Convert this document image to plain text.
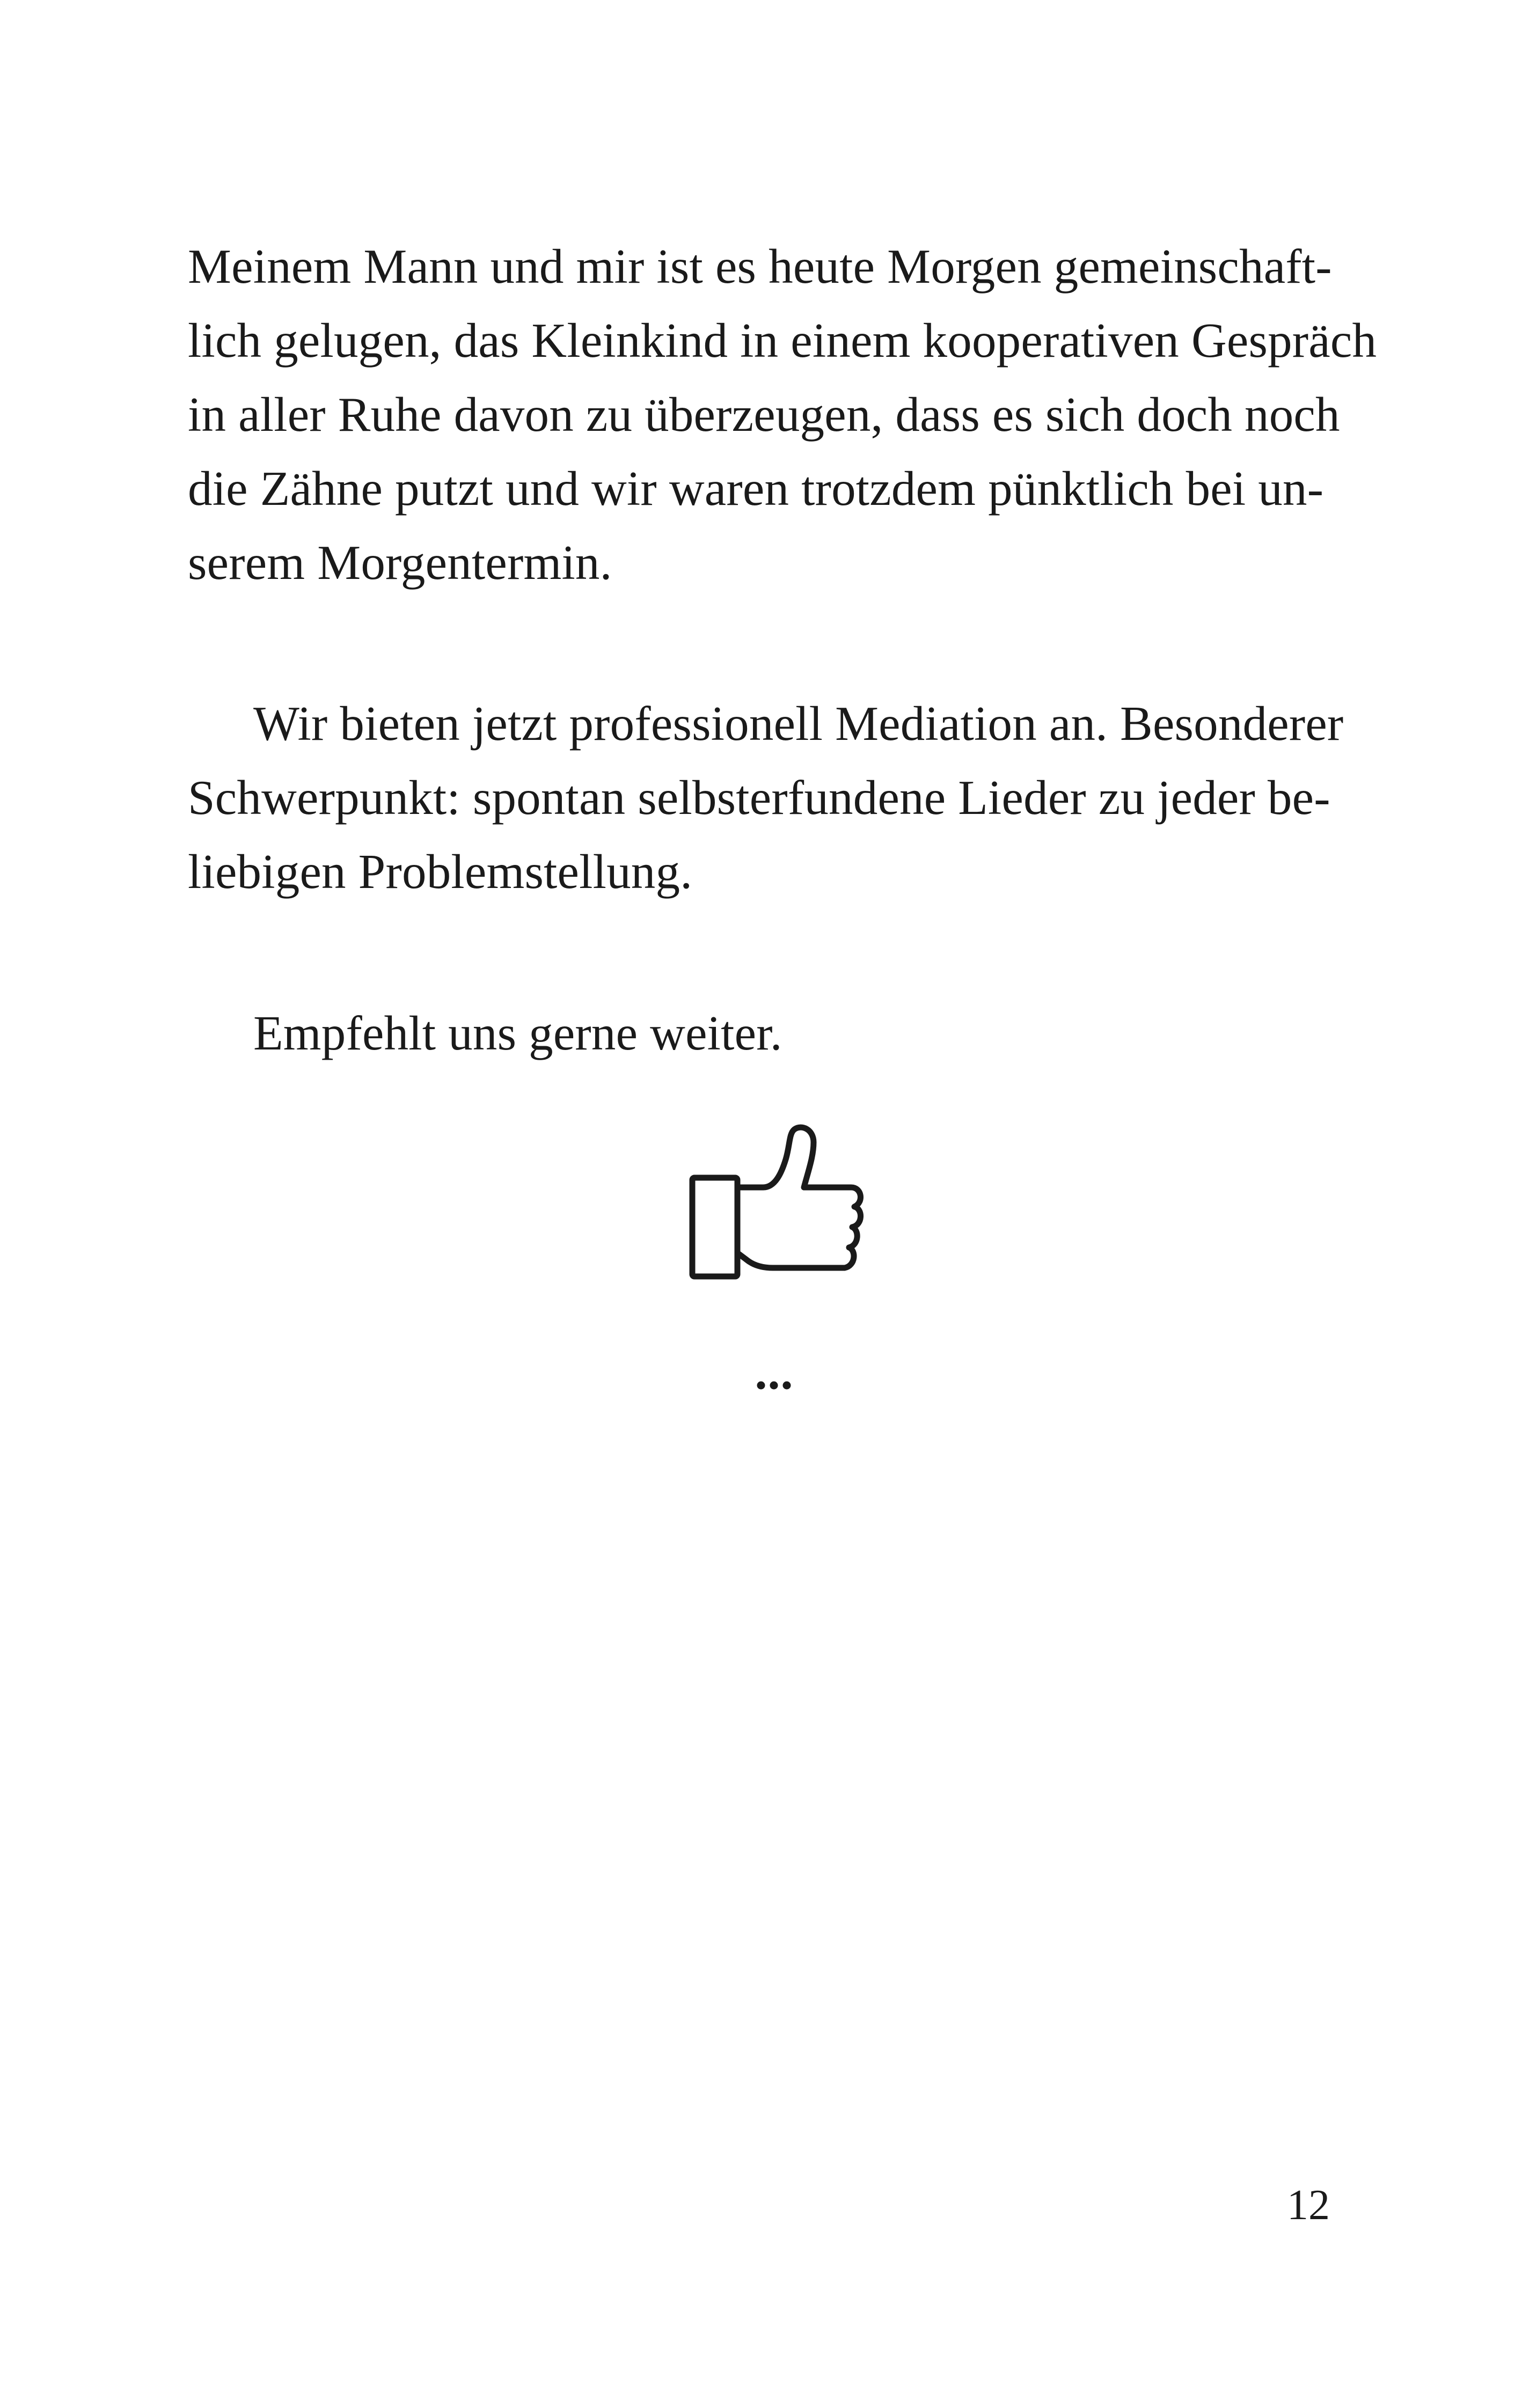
Meinem Mann und mir ist es heute Morgen gemeinschaft-
lich gelugen, das Kleinkind in einem kooperativen Gespräch
in aller Ruhe davon zu überzeugen, dass es sich doch noch
die Zähne putzt und wir waren trotzdem pünktlich bei un-
serem Morgentermin.
Wir bieten jetzt professionell Mediation an. Besonderer
Schwerpunkt: spontan selbsterfundene Lieder zu jeder be-
liebigen Problemstellung.
Empfehlt uns gerne weiter.
12
